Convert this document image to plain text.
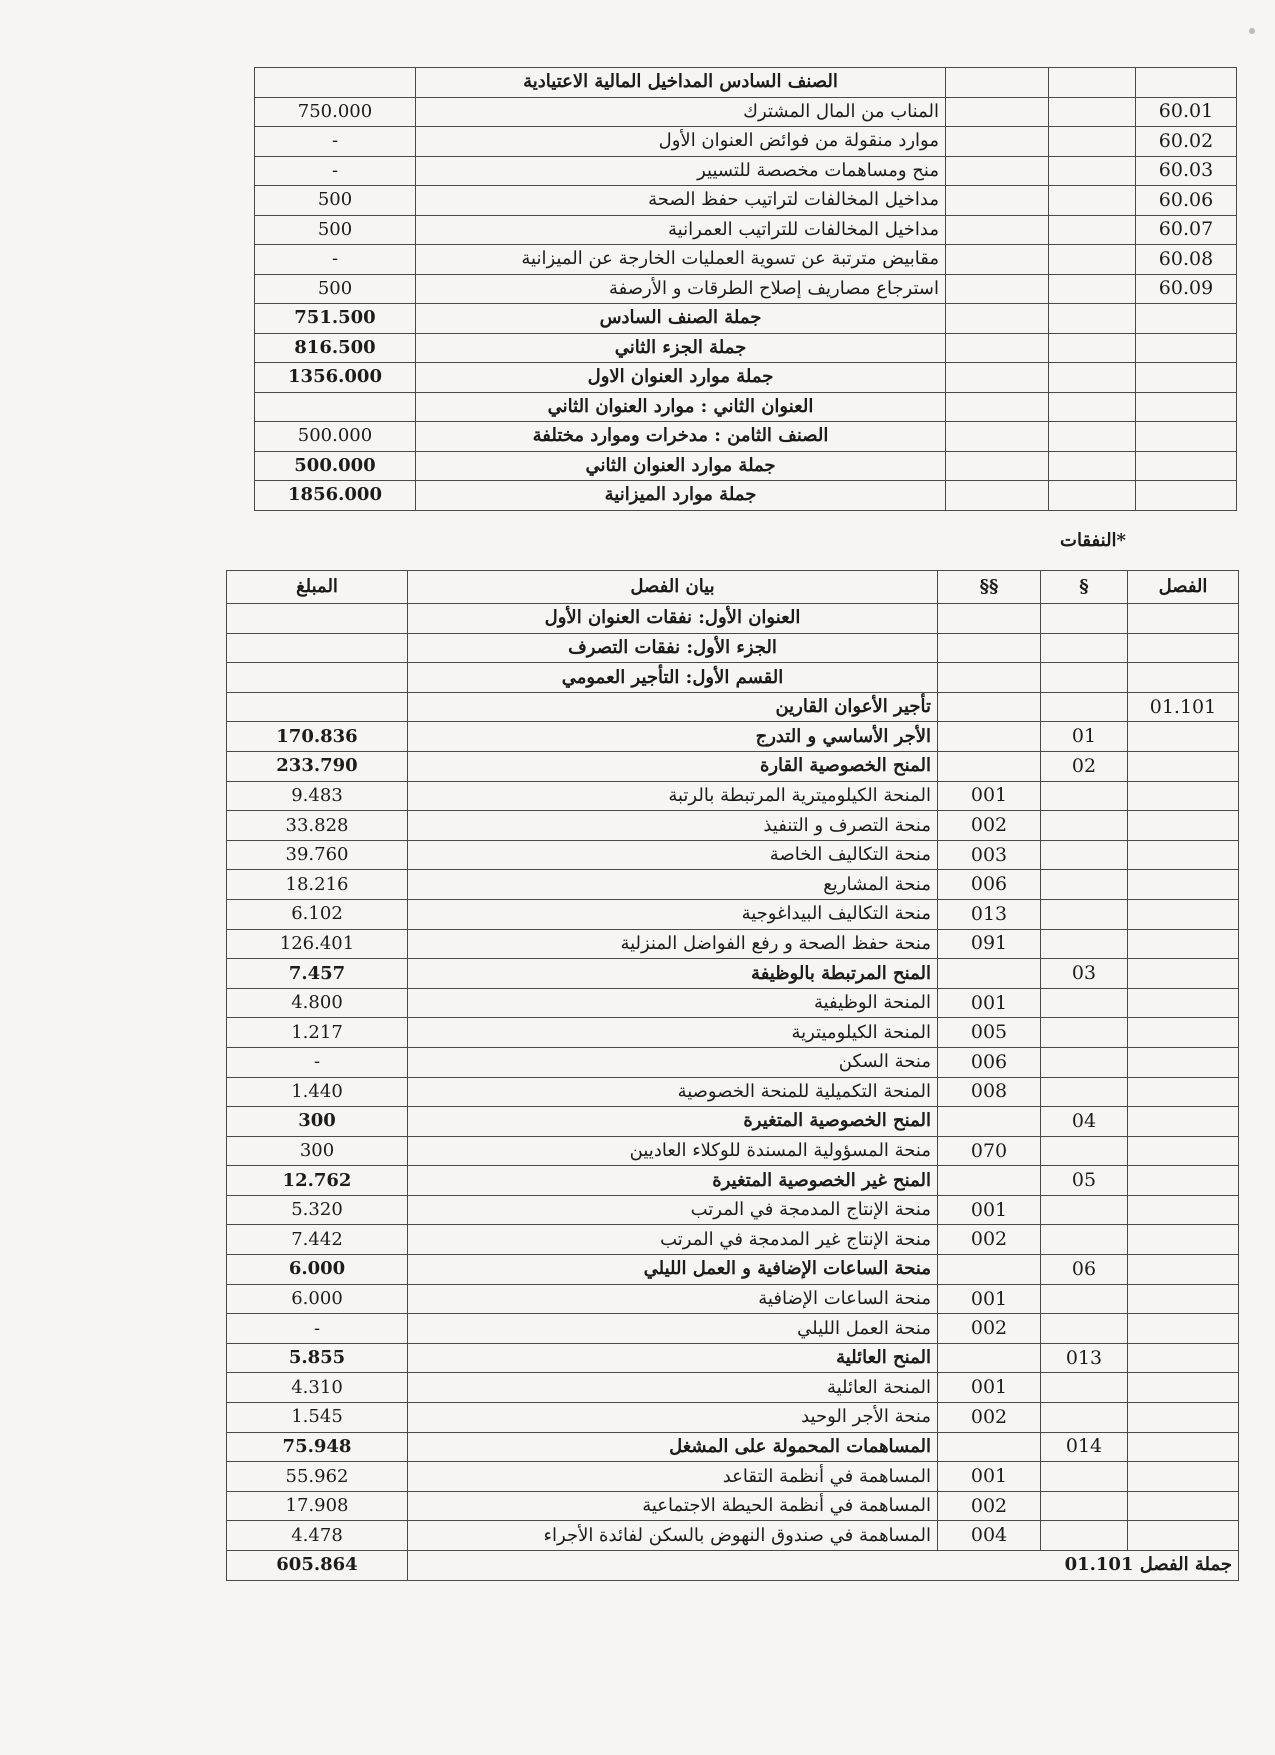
	الصنف السادس المداخيل المالية الاعتيادية			
750.000	المناب من المال المشترك			60.01
-	موارد منقولة من فوائض العنوان الأول			60.02
-	منح ومساهمات مخصصة للتسيير			60.03
500	مداخيل المخالفات لتراتيب حفظ الصحة			60.06
500	مداخيل المخالفات للتراتيب العمرانية			60.07
-	مقابيض مترتبة عن تسوية العمليات الخارجة عن الميزانية			60.08
500	استرجاع مصاريف إصلاح الطرقات و الأرصفة			60.09
751.500	جملة الصنف السادس			
816.500	جملة الجزء الثاني			
1356.000	جملة موارد العنوان الاول			
	العنوان الثاني : موارد العنوان الثاني			
500.000	الصنف الثامن : مدخرات وموارد مختلفة			
500.000	جملة موارد العنوان الثاني			
1856.000	جملة موارد الميزانية			
*النفقات
المبلغ	بيان الفصل	§§	§	الفصل
	العنوان الأول: نفقات العنوان الأول			
	الجزء الأول: نفقات التصرف			
	القسم الأول: التأجير العمومي			
	تأجير الأعوان القارين			01.101
170.836	الأجر الأساسي و التدرج		01	
233.790	المنح الخصوصية القارة		02	
9.483	المنحة الكيلوميترية المرتبطة بالرتبة	001		
33.828	منحة التصرف و التنفيذ	002		
39.760	منحة التكاليف الخاصة	003		
18.216	منحة المشاريع	006		
6.102	منحة التكاليف البيداغوجية	013		
126.401	منحة حفظ الصحة و رفع الفواضل المنزلية	091		
7.457	المنح المرتبطة بالوظيفة		03	
4.800	المنحة الوظيفية	001		
1.217	المنحة الكيلوميترية	005		
-	منحة السكن	006		
1.440	المنحة التكميلية للمنحة الخصوصية	008		
300	المنح الخصوصية المتغيرة		04	
300	منحة المسؤولية المسندة للوكلاء العاديين	070		
12.762	المنح غير الخصوصية المتغيرة		05	
5.320	منحة الإنتاج المدمجة في المرتب	001		
7.442	منحة الإنتاج غير المدمجة في المرتب	002		
6.000	منحة الساعات الإضافية و العمل الليلي		06	
6.000	منحة الساعات الإضافية	001		
-	منحة العمل الليلي	002		
5.855	المنح العائلية		013	
4.310	المنحة العائلية	001		
1.545	منحة الأجر الوحيد	002		
75.948	المساهمات المحمولة على المشغل		014	
55.962	المساهمة في أنظمة التقاعد	001		
17.908	المساهمة في أنظمة الحيطة الاجتماعية	002		
4.478	المساهمة في صندوق النهوض بالسكن لفائدة الأجراء	004		
605.864	جملة الفصل 01.101			
